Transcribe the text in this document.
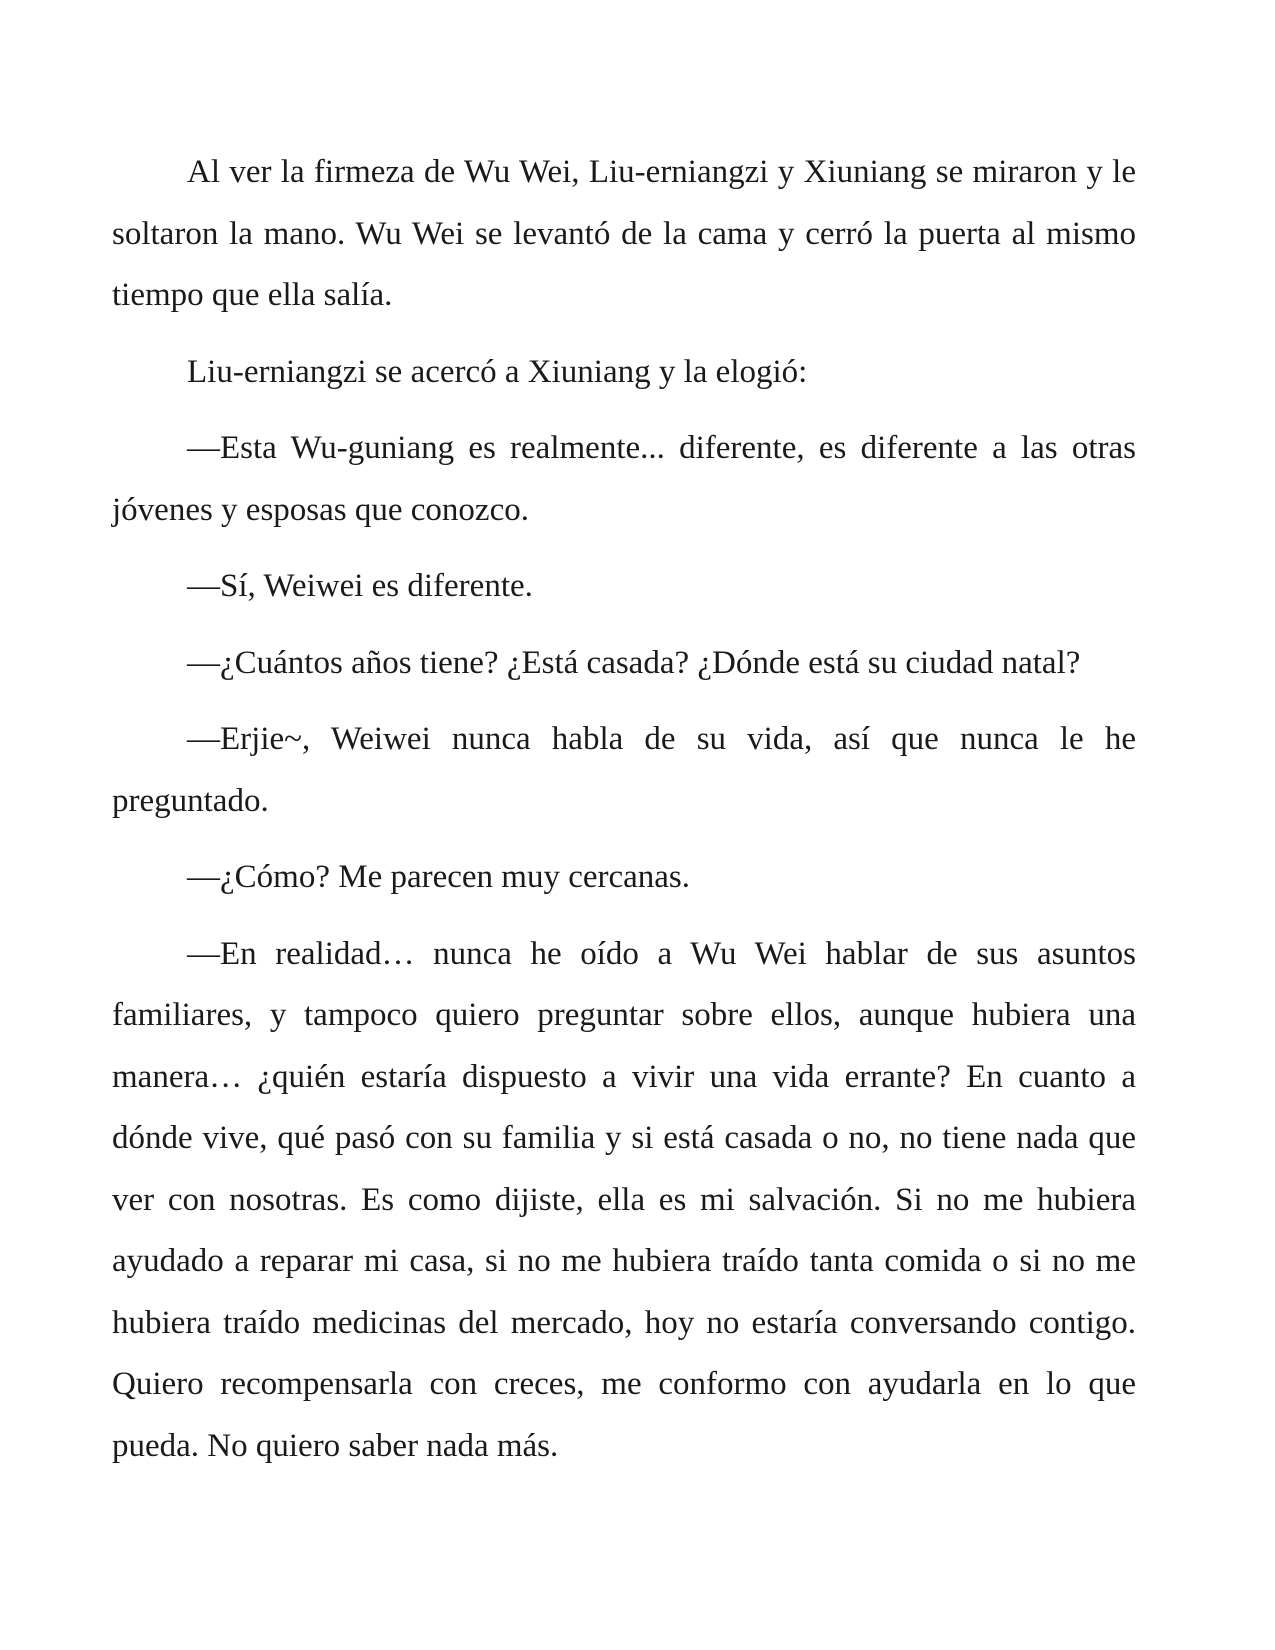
Al ver la firmeza de Wu Wei, Liu-erniangzi y Xiuniang se miraron y le soltaron la mano. Wu Wei se levantó de la cama y cerró la puerta al mismo tiempo que ella salía.

Liu-erniangzi se acercó a Xiuniang y la elogió:

—Esta Wu-guniang es realmente... diferente, es diferente a las otras jóvenes y esposas que conozco.

—Sí, Weiwei es diferente.

—¿Cuántos años tiene? ¿Está casada? ¿Dónde está su ciudad natal?

—Erjie~, Weiwei nunca habla de su vida, así que nunca le he preguntado.

—¿Cómo? Me parecen muy cercanas.

—En realidad… nunca he oído a Wu Wei hablar de sus asuntos familiares, y tampoco quiero preguntar sobre ellos, aunque hubiera una manera… ¿quién estaría dispuesto a vivir una vida errante? En cuanto a dónde vive, qué pasó con su familia y si está casada o no, no tiene nada que ver con nosotras. Es como dijiste, ella es mi salvación. Si no me hubiera ayudado a reparar mi casa, si no me hubiera traído tanta comida o si no me hubiera traído medicinas del mercado, hoy no estaría conversando contigo. Quiero recompensarla con creces, me conformo con ayudarla en lo que pueda. No quiero saber nada más.
